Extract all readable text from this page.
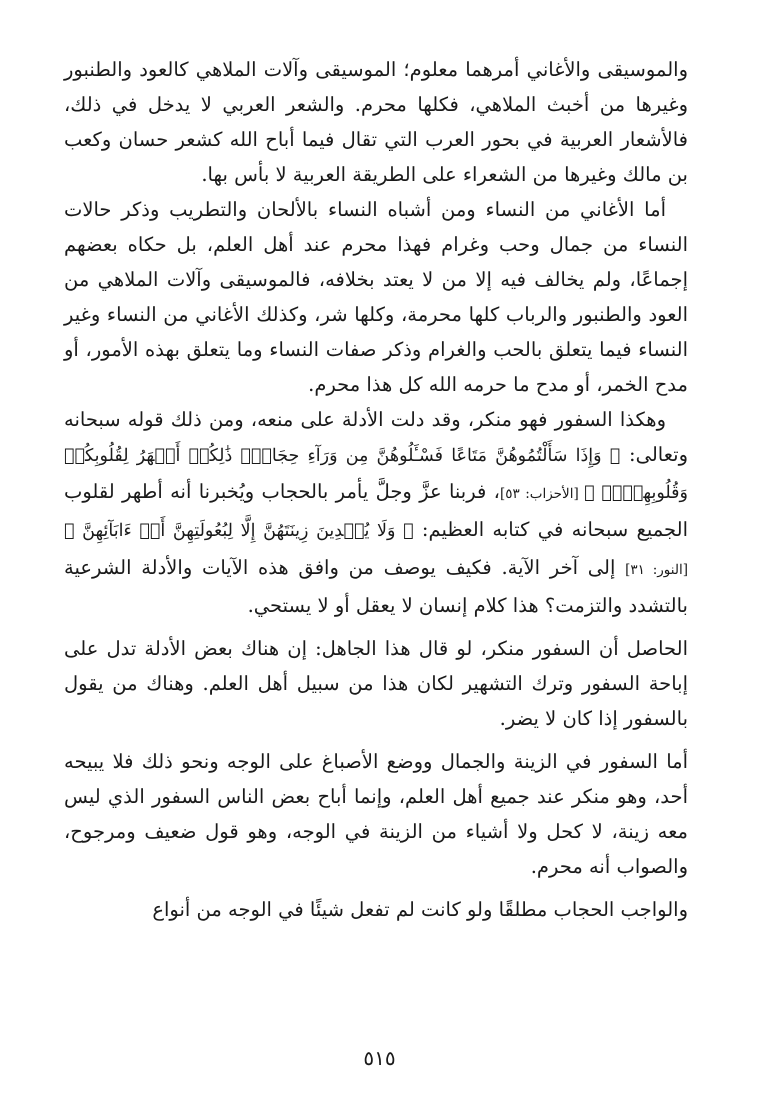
والموسيقى والأغاني أمرهما معلوم؛ الموسيقى وآلات الملاهي كالعود والطنبور وغيرها من أخبث الملاهي، فكلها محرم. والشعر العربي لا يدخل في ذلك، فالأشعار العربية في بحور العرب التي تقال فيما أباح الله كشعر حسان وكعب بن مالك وغيرها من الشعراء على الطريقة العربية لا بأس بها.

أما الأغاني من النساء ومن أشباه النساء بالألحان والتطريب وذكر حالات النساء من جمال وحب وغرام فهذا محرم عند أهل العلم، بل حكاه بعضهم إجماعًا، ولم يخالف فيه إلا من لا يعتد بخلافه، فالموسيقى وآلات الملاهي من العود والطنبور والرباب كلها محرمة، وكلها شر، وكذلك الأغاني من النساء وغير النساء فيما يتعلق بالحب والغرام وذكر صفات النساء وما يتعلق بهذه الأمور، أو مدح الخمر، أو مدح ما حرمه الله كل هذا محرم.

وهكذا السفور فهو منكر، وقد دلت الأدلة على منعه، ومن ذلك قوله سبحانه وتعالى: ﴿ وَإِذَا سَأَلْتُمُوهُنَّ مَتَاعًا فَسْـَٔلُوهُنَّ مِن وَرَآءِ حِجَابٍۚ ذَٰلِكُمۡ أَطۡهَرُ لِقُلُوبِكُمۡ وَقُلُوبِهِنَّۚ ﴾ [الأحزاب: ٥٣]، فربنا عزَّ وجلَّ يأمر بالحجاب ويُخبرنا أنه أطهر لقلوب الجميع سبحانه في كتابه العظيم: ﴿ وَلَا يُبۡدِينَ زِينَتَهُنَّ إِلَّا لِبُعُولَتِهِنَّ أَوۡ ءَابَآئِهِنَّ ﴾ [النور: ٣١] إلى آخر الآية. فكيف يوصف من وافق هذه الآيات والأدلة الشرعية بالتشدد والتزمت؟ هذا كلام إنسان لا يعقل أو لا يستحي.

الحاصل أن السفور منكر، لو قال هذا الجاهل: إن هناك بعض الأدلة تدل على إباحة السفور وترك التشهير لكان هذا من سبيل أهل العلم. وهناك من يقول بالسفور إذا كان لا يضر.

أما السفور في الزينة والجمال ووضع الأصباغ على الوجه ونحو ذلك فلا يبيحه أحد، وهو منكر عند جميع أهل العلم، وإنما أباح بعض الناس السفور الذي ليس معه زينة، لا كحل ولا أشياء من الزينة في الوجه، وهو قول ضعيف ومرجوح، والصواب أنه محرم.

والواجب الحجاب مطلقًا ولو كانت لم تفعل شيئًا في الوجه من أنواع

٥١٥
